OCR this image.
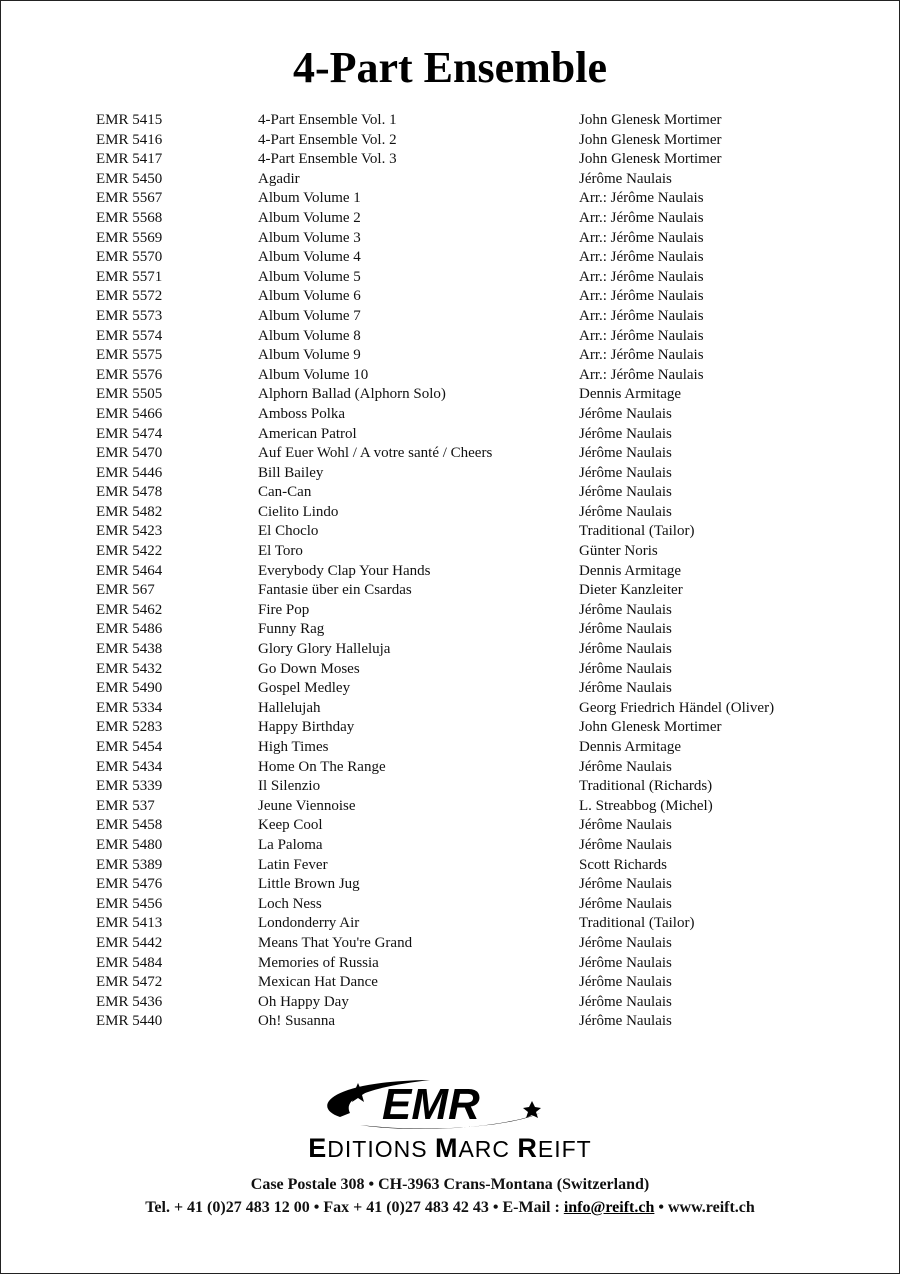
4-Part Ensemble
EMR 5415	4-Part Ensemble Vol. 1	John Glenesk Mortimer
EMR 5416	4-Part Ensemble Vol. 2	John Glenesk Mortimer
EMR 5417	4-Part Ensemble Vol. 3	John Glenesk Mortimer
EMR 5450	Agadir	Jérôme Naulais
EMR 5567	Album Volume 1	Arr.: Jérôme Naulais
EMR 5568	Album Volume 2	Arr.: Jérôme Naulais
EMR 5569	Album Volume 3	Arr.: Jérôme Naulais
EMR 5570	Album Volume 4	Arr.: Jérôme Naulais
EMR 5571	Album Volume 5	Arr.: Jérôme Naulais
EMR 5572	Album Volume 6	Arr.: Jérôme Naulais
EMR 5573	Album Volume 7	Arr.: Jérôme Naulais
EMR 5574	Album Volume 8	Arr.: Jérôme Naulais
EMR 5575	Album Volume 9	Arr.: Jérôme Naulais
EMR 5576	Album Volume 10	Arr.: Jérôme Naulais
EMR 5505	Alphorn Ballad (Alphorn Solo)	Dennis Armitage
EMR 5466	Amboss Polka	Jérôme Naulais
EMR 5474	American Patrol	Jérôme Naulais
EMR 5470	Auf Euer Wohl / A votre santé / Cheers	Jérôme Naulais
EMR 5446	Bill Bailey	Jérôme Naulais
EMR 5478	Can-Can	Jérôme Naulais
EMR 5482	Cielito Lindo	Jérôme Naulais
EMR 5423	El Choclo	Traditional (Tailor)
EMR 5422	El Toro	Günter Noris
EMR 5464	Everybody Clap Your Hands	Dennis Armitage
EMR 567	Fantasie über ein Csardas	Dieter Kanzleiter
EMR 5462	Fire Pop	Jérôme Naulais
EMR 5486	Funny Rag	Jérôme Naulais
EMR 5438	Glory Glory Halleluja	Jérôme Naulais
EMR 5432	Go Down Moses	Jérôme Naulais
EMR 5490	Gospel Medley	Jérôme Naulais
EMR 5334	Hallelujah	Georg Friedrich Händel (Oliver)
EMR 5283	Happy Birthday	John Glenesk Mortimer
EMR 5454	High Times	Dennis Armitage
EMR 5434	Home On The Range	Jérôme Naulais
EMR 5339	Il Silenzio	Traditional (Richards)
EMR 537	Jeune Viennoise	L. Streabbog (Michel)
EMR 5458	Keep Cool	Jérôme Naulais
EMR 5480	La Paloma	Jérôme Naulais
EMR 5389	Latin Fever	Scott Richards
EMR 5476	Little Brown Jug	Jérôme Naulais
EMR 5456	Loch Ness	Jérôme Naulais
EMR 5413	Londonderry Air	Traditional (Tailor)
EMR 5442	Means That You're Grand	Jérôme Naulais
EMR 5484	Memories of Russia	Jérôme Naulais
EMR 5472	Mexican Hat Dance	Jérôme Naulais
EMR 5436	Oh Happy Day	Jérôme Naulais
EMR 5440	Oh! Susanna	Jérôme Naulais
EMR
EDITIONS MARC REIFT
Case Postale 308 • CH-3963 Crans-Montana (Switzerland)
Tel. + 41 (0)27 483 12 00 • Fax + 41 (0)27 483 42 43 • E-Mail : info@reift.ch • www.reift.ch
